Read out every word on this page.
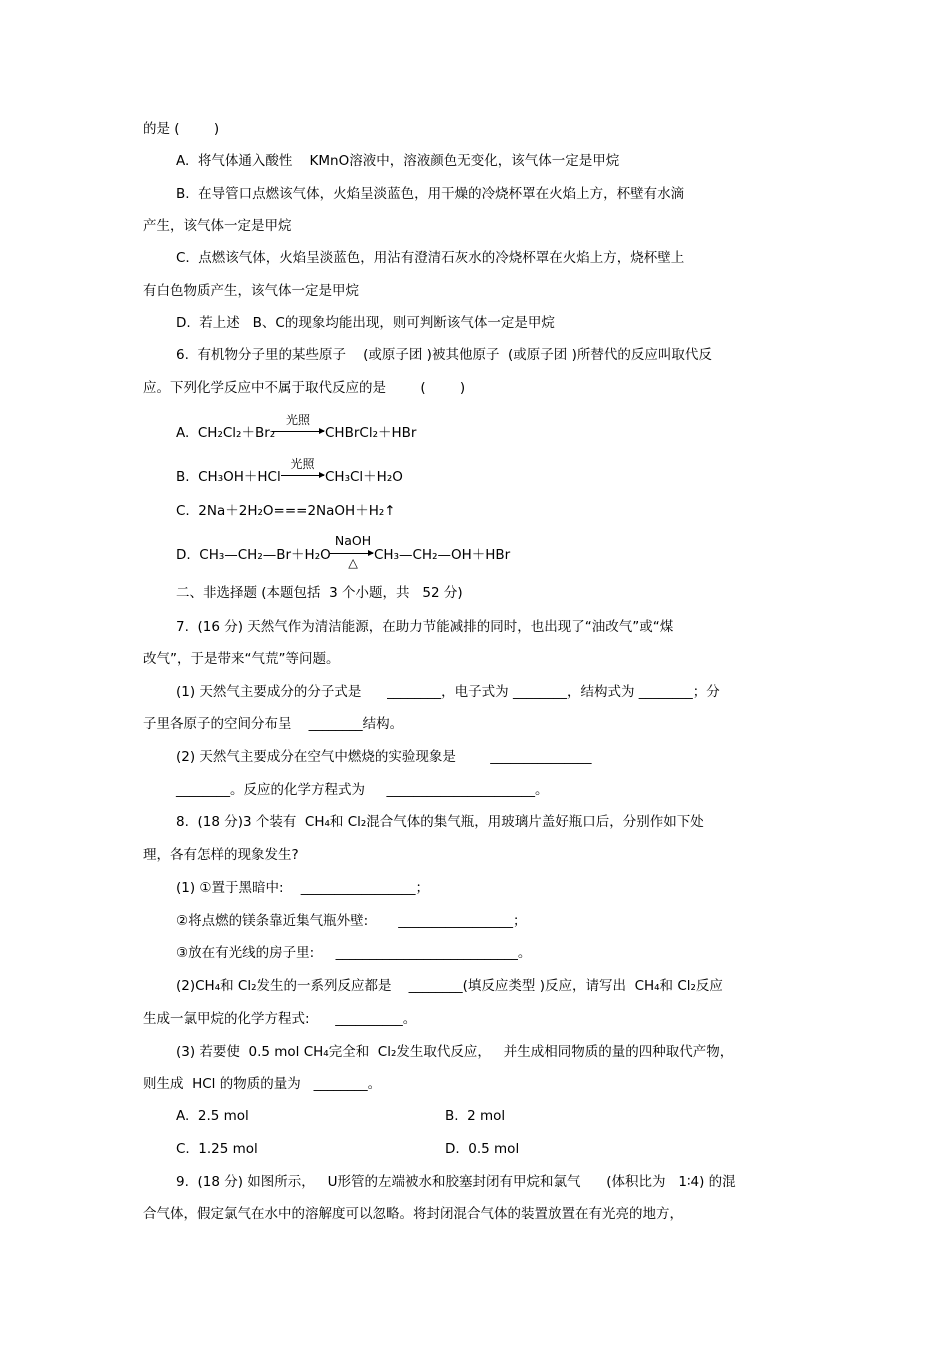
的是 (        )
A.  将气体通入酸性    KMnO溶液中，溶液颜色无变化，该气体一定是甲烷
B.  在导管口点燃该气体，火焰呈淡蓝色，用干燥的冷烧杯罩在火焰上方，杯壁有水滴
产生，该气体一定是甲烷
C.  点燃该气体，火焰呈淡蓝色，用沾有澄清石灰水的冷烧杯罩在火焰上方，烧杯壁上
有白色物质产生，该气体一定是甲烷
D.  若上述   B、C的现象均能出现，则可判断该气体一定是甲烷
6.  有机物分子里的某些原子    (或原子团 )被其他原子  (或原子团 )所替代的反应叫取代反
应。下列化学反应中不属于取代反应的是        (        )
C.  2Na＋2H₂O===2NaOH＋H₂↑
二、非选择题 (本题包括  3 个小题，共   52 分)
7.  (16 分) 天然气作为清洁能源，在助力节能减排的同时，也出现了“油改气”或“煤
改气”，于是带来“气荒”等问题。
(1) 天然气主要成分的分子式是      ________，电子式为 ________，结构式为 ________；分
子里各原子的空间分布呈    ________结构。
(2) 天然气主要成分在空气中燃烧的实验现象是        _______________
________。反应的化学方程式为     ______________________。
8.  (18 分)3 个装有  CH₄和 Cl₂混合气体的集气瓶，用玻璃片盖好瓶口后，分别作如下处
理，各有怎样的现象发生?
(1) ①置于黑暗中:    _________________；
②将点燃的镁条靠近集气瓶外壁:       _________________；
③放在有光线的房子里:     ___________________________。
(2)CH₄和 Cl₂发生的一系列反应都是    ________(填反应类型 )反应，请写出  CH₄和 Cl₂反应
生成一氯甲烷的化学方程式:      __________。
(3) 若要使  0.5 mol CH₄完全和  Cl₂发生取代反应，   并生成相同物质的量的四种取代产物，
则生成  HCl 的物质的量为   ________。
A.  2.5 mol	B.  2 mol
C.  1.25 mol	D.  0.5 mol
9.  (18 分) 如图所示，   U形管的左端被水和胶塞封闭有甲烷和氯气      (体积比为   1∶4) 的混
合气体，假定氯气在水中的溶解度可以忽略。将封闭混合气体的装置放置在有光亮的地方，
A.  CH₂Cl₂＋Br₂
光照
CHBrCl₂＋HBr
B.  CH₃OH＋HCl
光照
CH₃Cl＋H₂O
D.  CH₃—CH₂—Br＋H₂O
NaOH
△	CH₃—CH₂—OH＋HBr
